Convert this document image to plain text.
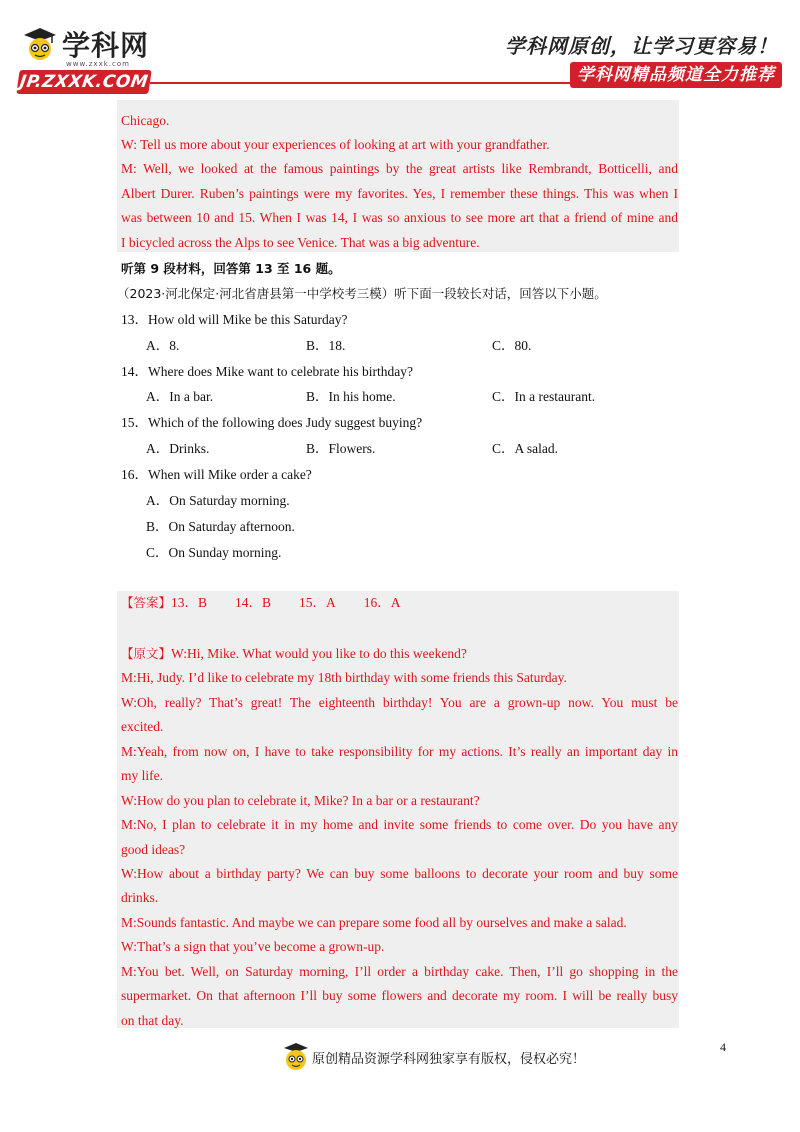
学科网
www.zxxk.com
JP.ZXXK.COM
学科网原创，让学习更容易！
学科网精品频道全力推荐
Chicago.
W: Tell us more about your experiences of looking at art with your grandfather.
M: Well, we looked at the famous paintings by the great artists like Rembrandt, Botticelli, and
Albert Durer. Ruben’s paintings were my favorites. Yes, I remember these things. This was when I
was between 10 and 15. When I was 14, I was so anxious to see more art that a friend of mine and
I bicycled across the Alps to see Venice. That was a big adventure.
听第 9 段材料，回答第 13 至 16 题。
（2023·河北保定·河北省唐县第一中学校考三模）听下面一段较长对话，回答以下小题。
13．How old will Mike be this Saturday?
A．8.	B．18.	C．80.
14．Where does Mike want to celebrate his birthday?
A．In a bar.	B．In his home.	C．In a restaurant.
15．Which of the following does Judy suggest buying?
A．Drinks.	B．Flowers.	C．A salad.
16．When will Mike order a cake?
A．On Saturday morning.
B．On Saturday afternoon.
C．On Sunday morning.
【答案】13．B 14．B 15．A 16．A
【原文】W:Hi, Mike. What would you like to do this weekend?
M:Hi, Judy. I’d like to celebrate my 18th birthday with some friends this Saturday.
W:Oh, really? That’s great! The eighteenth birthday! You are a grown-up now. You must be
excited.
M:Yeah, from now on, I have to take responsibility for my actions. It’s really an important day in
my life.
W:How do you plan to celebrate it, Mike? In a bar or a restaurant?
M:No, I plan to celebrate it in my home and invite some friends to come over. Do you have any
good ideas?
W:How about a birthday party? We can buy some balloons to decorate your room and buy some
drinks.
M:Sounds fantastic. And maybe we can prepare some food all by ourselves and make a salad.
W:That’s a sign that you’ve become a grown-up.
M:You bet. Well, on Saturday morning, I’ll order a birthday cake. Then, I’ll go shopping in the
supermarket. On that afternoon I’ll buy some flowers and decorate my room. I will be really busy
on that day.
原创精品资源学科网独家享有版权，侵权必究！
4
